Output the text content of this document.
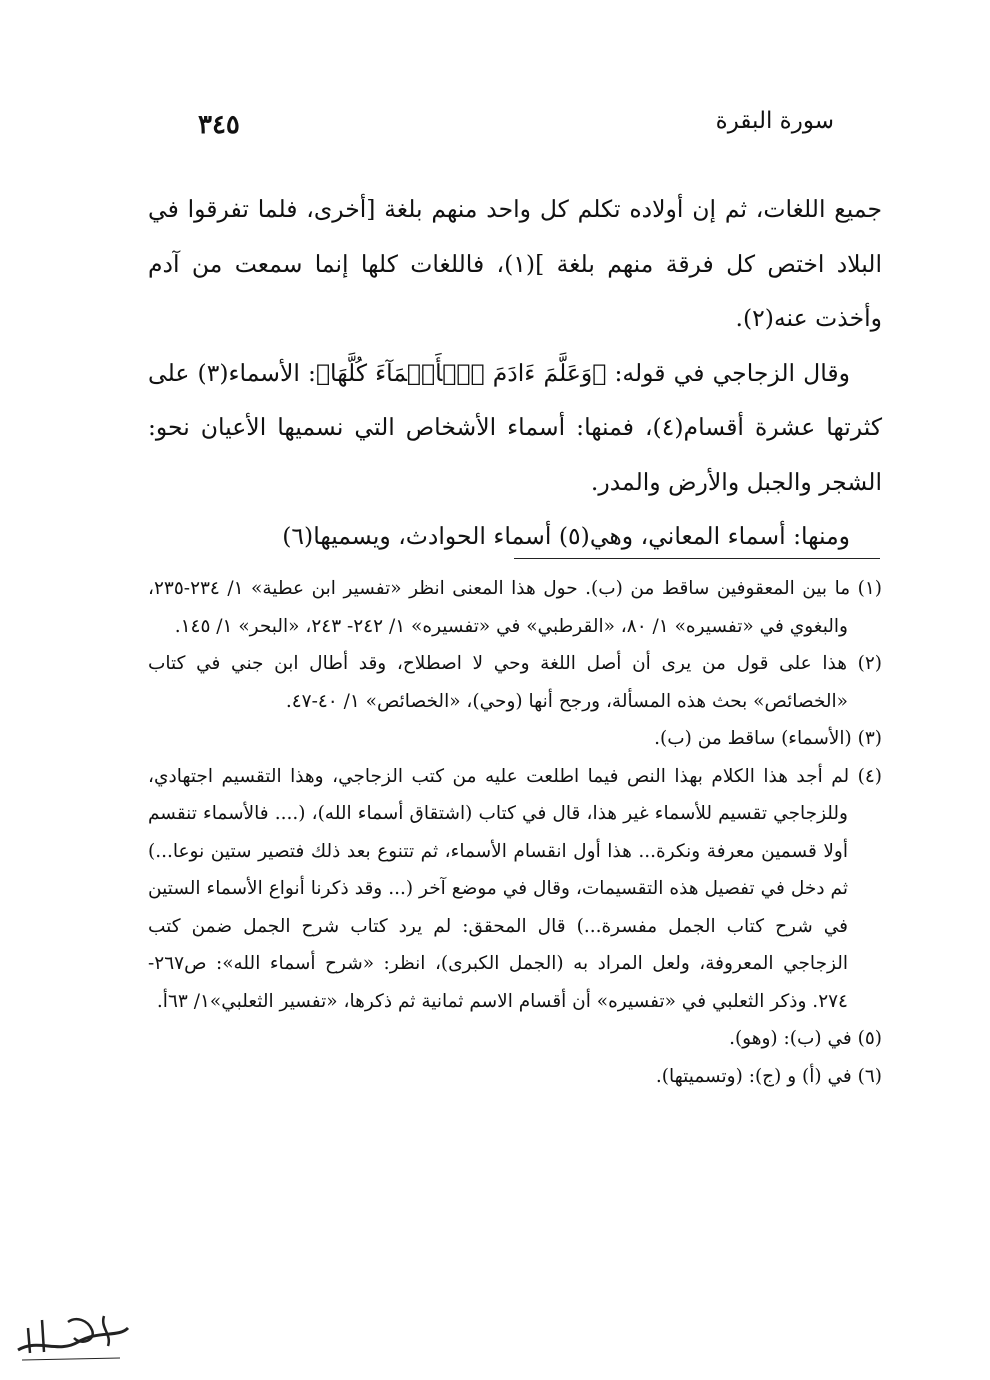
سورة البقرة
٣٤٥

جميع اللغات، ثم إن أولاده تكلم كل واحد منهم بلغة [أخرى، فلما تفرقوا في البلاد اختص كل فرقة منهم بلغة ](١)، فاللغات كلها إنما سمعت من آدم وأخذت عنه(٢).

وقال الزجاجي في قوله: ﴿وَعَلَّمَ ءَادَمَ ٱلۡأَسۡمَآءَ كُلَّهَا﴾: الأسماء(٣) على كثرتها عشرة أقسام(٤)، فمنها: أسماء الأشخاص التي نسميها الأعيان نحو: الشجر والجبل والأرض والمدر.

ومنها: أسماء المعاني، وهي(٥) أسماء الحوادث، ويسميها(٦)

(١) ما بين المعقوفين ساقط من (ب). حول هذا المعنى انظر «تفسير ابن عطية» ١/ ٢٣٤-٢٣٥، والبغوي في «تفسيره» ١/ ٨٠، «القرطبي» في «تفسيره» ١/ ٢٤٢- ٢٤٣، «البحر» ١/ ١٤٥.

(٢) هذا على قول من يرى أن أصل اللغة وحي لا اصطلاح، وقد أطال ابن جني في كتاب «الخصائص» بحث هذه المسألة، ورجح أنها (وحي)، «الخصائص» ١/ ٤٠-٤٧.

(٣) (الأسماء) ساقط من (ب).

(٤) لم أجد هذا الكلام بهذا النص فيما اطلعت عليه من كتب الزجاجي، وهذا التقسيم اجتهادي، وللزجاجي تقسيم للأسماء غير هذا، قال في كتاب (اشتقاق أسماء الله)، (.... فالأسماء تنقسم أولا قسمين معرفة ونكرة... هذا أول انقسام الأسماء، ثم تتنوع بعد ذلك فتصير ستين نوعا...) ثم دخل في تفصيل هذه التقسيمات، وقال في موضع آخر (... وقد ذكرنا أنواع الأسماء الستين في شرح كتاب الجمل مفسرة...) قال المحقق: لم يرد كتاب شرح الجمل ضمن كتب الزجاجي المعروفة، ولعل المراد به (الجمل الكبرى)، انظر: «شرح أسماء الله»: ص٢٦٧- ٢٧٤. وذكر الثعلبي في «تفسيره» أن أقسام الاسم ثمانية ثم ذكرها، «تفسير الثعلبي»١/ ٦٣أ.

(٥) في (ب): (وهو).

(٦) في (أ) و (ج): (وتسميتها).
